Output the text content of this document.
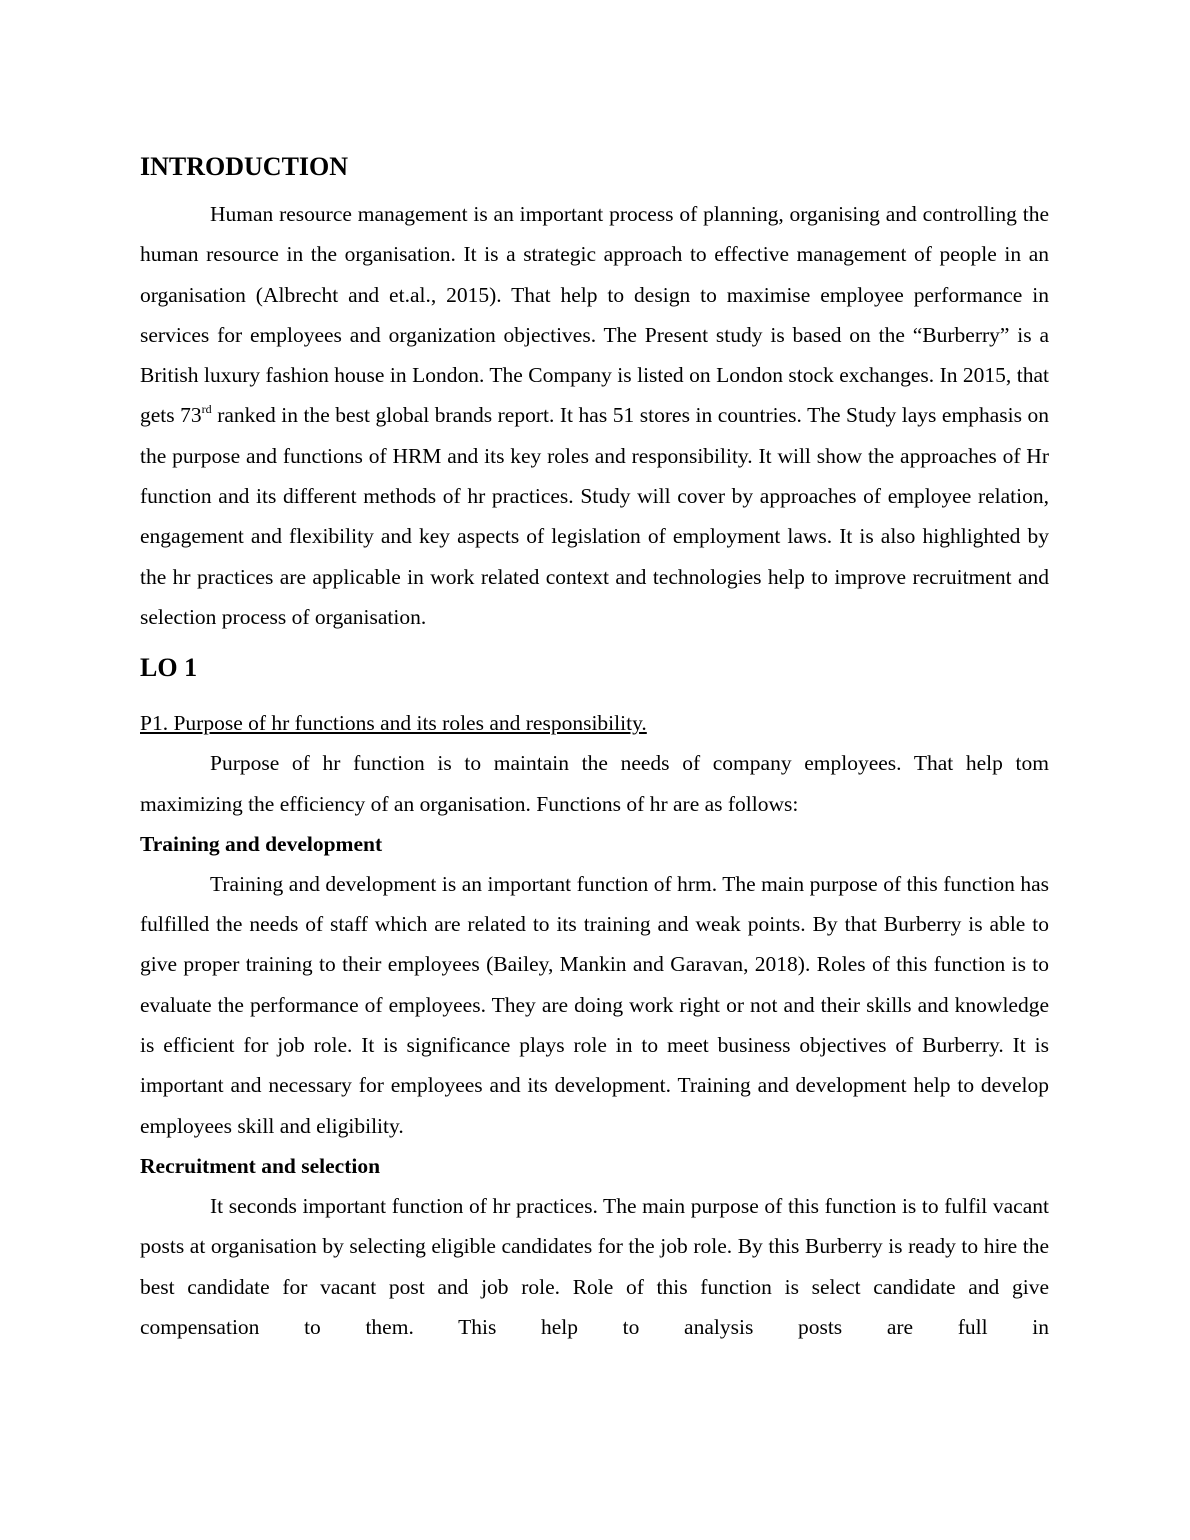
INTRODUCTION

Human resource management is an important process of planning, organising and controlling the human resource in the organisation. It is a strategic approach to effective management of people in an organisation (Albrecht and et.al., 2015). That help to design to maximise employee performance in services for employees and organization objectives. The Present study is based on the “Burberry” is a British luxury fashion house in London. The Company is listed on London stock exchanges. In 2015, that gets 73rd ranked in the best global brands report. It has 51 stores in countries. The Study lays emphasis on the purpose and functions of HRM and its key roles and responsibility. It will show the approaches of Hr function and its different methods of hr practices. Study will cover by approaches of employee relation, engagement and flexibility and key aspects of legislation of employment laws. It is also highlighted by the hr practices are applicable in work related context and technologies help to improve recruitment and selection process of organisation.

LO 1

P1. Purpose of hr functions and its roles and responsibility.

Purpose of hr function is to maintain the needs of company employees. That help tom maximizing the efficiency of an organisation. Functions of hr are as follows:

Training and development

Training and development is an important function of hrm. The main purpose of this function has fulfilled the needs of staff which are related to its training and weak points. By that Burberry is able to give proper training to their employees (Bailey, Mankin and Garavan, 2018). Roles of this function is to evaluate the performance of employees. They are doing work right or not and their skills and knowledge is efficient for job role. It is significance plays role in to meet business objectives of Burberry. It is important and necessary for employees and its development. Training and development help to develop employees skill and eligibility.

Recruitment and selection

It seconds important function of hr practices. The main purpose of this function is to fulfil vacant posts at organisation by selecting eligible candidates for the job role. By this Burberry is ready to hire the best candidate for vacant post and job role. Role of this function is select candidate and give compensation to them. This help to analysis posts are full in
